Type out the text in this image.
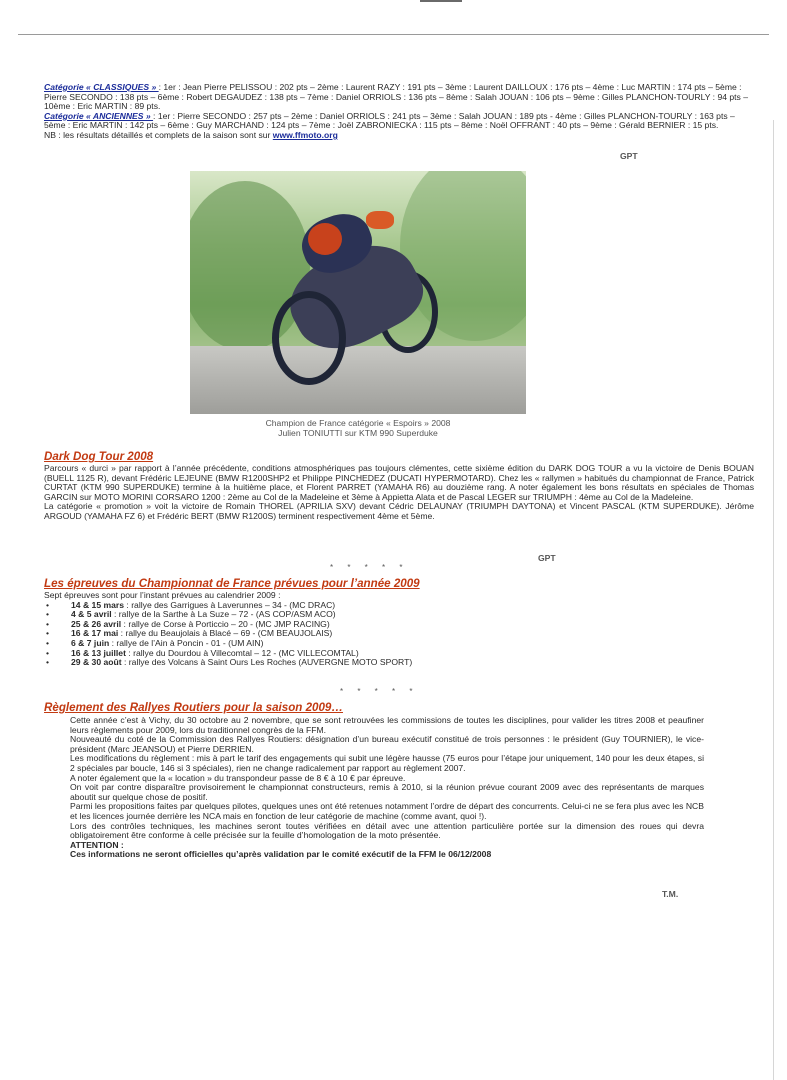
Catégorie « CLASSIQUES » : 1er : Jean Pierre PELISSOU : 202 pts – 2ème : Laurent RAZY : 191 pts – 3ème : Laurent DAILLOUX : 176 pts – 4ème : Luc MARTIN : 174 pts – 5ème : Pierre SECONDO : 138 pts – 6ème : Robert DEGAUDEZ : 138 pts – 7ème : Daniel ORRIOLS : 136 pts – 8ème : Salah JOUAN : 106 pts – 9ème : Gilles PLANCHON-TOURLY : 94 pts – 10ème : Eric MARTIN : 89 pts.

Catégorie « ANCIENNES » : 1er : Pierre SECONDO : 257 pts – 2ème : Daniel ORRIOLS : 241 pts – 3ème : Salah JOUAN : 189 pts - 4ème : Gilles PLANCHON-TOURLY : 163 pts – 5ème : Eric MARTIN : 142 pts – 6ème : Guy MARCHAND : 124 pts – 7ème : Joël ZABRONIECKA : 115 pts – 8ème : Noël OFFRANT : 40 pts – 9ème : Gérald BERNIER : 15 pts.

NB : les résultats détaillés et complets de la saison sont sur www.ffmoto.org

GPT
Champion de France catégorie « Espoirs » 2008
Julien TONIUTTI sur KTM 990 Superduke
Dark Dog Tour 2008

Parcours « durci » par rapport à l’année précédente, conditions atmosphériques pas toujours clémentes, cette sixième édition du DARK DOG TOUR a vu la victoire de Denis BOUAN (BUELL 1125 R), devant Frédéric LEJEUNE (BMW R1200SHP2 et Philippe PINCHEDEZ (DUCATI HYPERMOTARD). Chez les « rallymen » habitués du championnat de France, Patrick CURTAT (KTM 990 SUPERDUKE) termine à la huitième place, et Florent PARRET (YAMAHA R6) au douzième rang. A noter également les bons résultats en spéciales de Thomas GARCIN sur MOTO MORINI CORSARO 1200 : 2ème au Col de la Madeleine et 3ème à Appietta Alata et de Pascal LEGER sur TRIUMPH : 4ème au Col de la Madeleine.

La catégorie « promotion » voit la victoire de Romain THOREL (APRILIA SXV) devant Cédric DELAUNAY (TRIUMPH DAYTONA) et Vincent PASCAL (KTM SUPERDUKE). Jérôme ARGOUD (YAMAHA FZ 6) et Frédéric BERT (BMW R1200S) terminent respectivement 4ème et 5ème.

GPT
* * * * *
Les épreuves du Championnat de France prévues pour l’année 2009

Sept épreuves sont pour l’instant prévues au calendrier 2009 :

•	14 & 15 mars : rallye des Garrigues à Laverunnes – 34 - (MC DRAC)
•	4 & 5 avril : rallye de la Sarthe à La Suze – 72 - (AS COP/ASM ACO)
•	25 & 26 avril : rallye de Corse à Porticcio – 20 - (MC JMP RACING)
•	16 & 17 mai : rallye du Beaujolais à Blacé – 69 - (CM BEAUJOLAIS)
•	6 & 7 juin : rallye de l’Ain à Poncin - 01 - (UM AIN)
•	16 & 13 juillet : rallye du Dourdou à Villecomtal – 12 - (MC VILLECOMTAL)
•	29 & 30 août : rallye des Volcans à Saint Ours Les Roches (AUVERGNE MOTO SPORT)
* * * * *
Règlement des Rallyes Routiers pour la saison 2009…

Cette année c’est à Vichy, du 30 octobre au 2 novembre, que se sont retrouvées les commissions de toutes les disciplines, pour valider les titres 2008 et peaufiner leurs règlements pour 2009, lors du traditionnel congrès de la FFM.

Nouveauté du coté de la Commission des Rallyes Routiers: désignation d’un bureau exécutif constitué de trois personnes : le président (Guy TOURNIER), le vice-président (Marc JEANSOU) et Pierre DERRIEN.

Les modifications du règlement : mis à part le tarif des engagements qui subit une légère hausse (75 euros pour l’étape jour uniquement, 140 pour les deux étapes, si 2 spéciales par boucle, 146 si 3 spéciales), rien ne change radicalement par rapport au règlement 2007.

A noter également que la « location » du transpondeur passe de 8 € à 10 € par épreuve.

On voit par contre disparaître provisoirement le championnat constructeurs, remis à 2010, si la réunion prévue courant 2009 avec des représentants de marques aboutit sur quelque chose de positif.

Parmi les propositions faites par quelques pilotes, quelques unes ont été retenues notamment l’ordre de départ des concurrents. Celui-ci ne se fera plus avec les NCB et les licences journée derrière les NCA mais en fonction de leur catégorie de machine (comme avant, quoi !).

Lors des contrôles techniques, les machines seront toutes vérifiées en détail avec une attention particulière portée sur la dimension des roues qui devra obligatoirement être conforme à celle précisée sur la feuille d’homologation de la moto présentée.

ATTENTION :

Ces informations ne seront officielles qu’après validation par le comité exécutif de la FFM le 06/12/2008

T.M.
